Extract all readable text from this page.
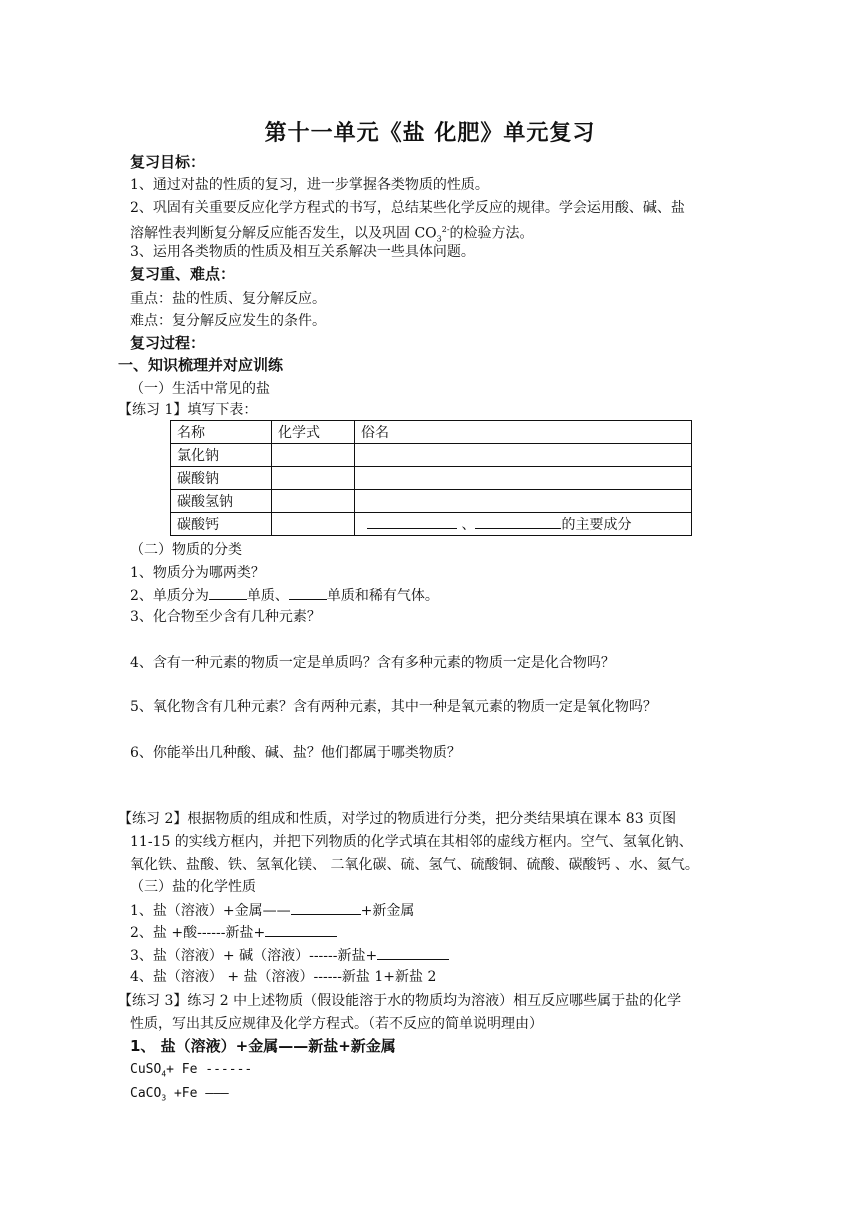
第十一单元《盐 化肥》单元复习
复习目标：
1、通过对盐的性质的复习，进一步掌握各类物质的性质。
2、巩固有关重要反应化学方程式的书写，总结某些化学反应的规律。学会运用酸、碱、盐
溶解性表判断复分解反应能否发生，以及巩固 $CO_3^{2-}$的检验方法。
3、运用各类物质的性质及相互关系解决一些具体问题。
复习重、难点：
重点：盐的性质、复分解反应。
难点：复分解反应发生的条件。
复习过程：
一、知识梳理并对应训练
（一）生活中常见的盐
【练习 1】填写下表：
名称	化学式	俗名
氯化钠		
碳酸钠		
碳酸氢钠		
碳酸钙		、 的主要成分
（二）物质的分类
1、物质分为哪两类？
2、单质分为	单质、	单质和稀有气体。
3、化合物至少含有几种元素？
4、含有一种元素的物质一定是单质吗？含有多种元素的物质一定是化合物吗？
5、氧化物含有几种元素？含有两种元素，其中一种是氧元素的物质一定是氧化物吗？
6、你能举出几种酸、碱、盐？他们都属于哪类物质？
【练习 2】根据物质的组成和性质，对学过的物质进行分类，把分类结果填在课本 83 页图
11-15 的实线方框内，并把下列物质的化学式填在其相邻的虚线方框内。空气、氢氧化钠、
氧化铁、盐酸、铁、氢氧化镁、 二氧化碳、硫、氢气、硫酸铜、硫酸、碳酸钙 、水、氦气。
（三）盐的化学性质
1、盐（溶液）+金属——	+新金属
2、盐 +酸------新盐+
3、盐（溶液）+ 碱（溶液）------新盐+
4、盐（溶液） + 盐（溶液）------新盐 1+新盐 2
【练习 3】练习 2 中上述物质（假设能溶于水的物质均为溶液）相互反应哪些属于盐的化学
性质，写出其反应规律及化学方程式。（若不反应的简单说明理由）
1、 盐（溶液）+金属——新盐+新金属
CuSO$_4$+ Fe ------
CaCO$_3$ +Fe ———
